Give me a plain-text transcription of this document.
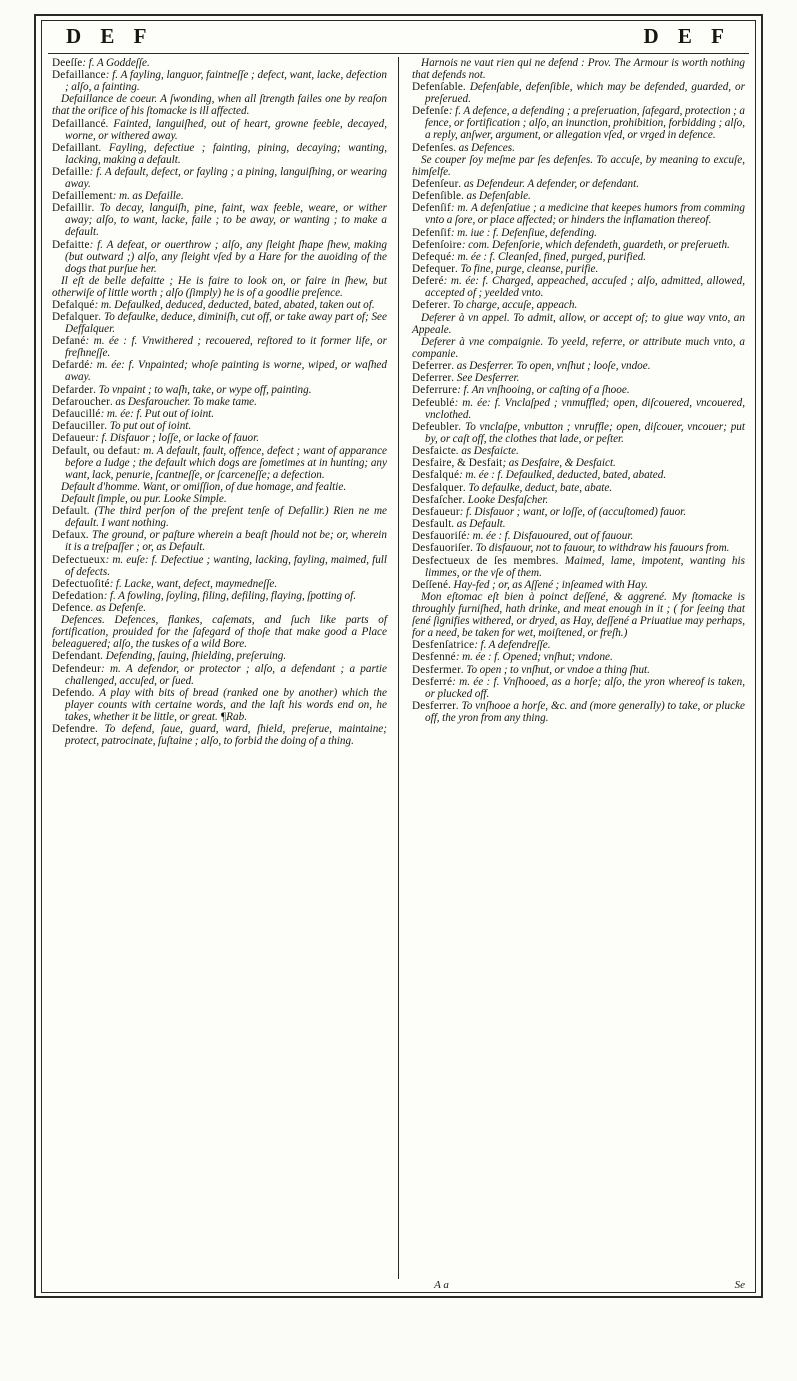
D E F	D E F

Deeſſe: f. A Goddeſſe.

Defaillance: f. A fayling, languor, faintneſſe ; defect, want, lacke, defection ; alſo, a fainting.

Defaillance de coeur. A ſwonding, when all ſtrength failes one by reaſon that the orifice of his ſtomacke is ill affected.

Defaillancé. Fainted, languiſhed, out of heart, growne feeble, decayed, worne, or withered away.

Defaillant. Fayling, defectiue ; fainting, pining, decaying; wanting, lacking, making a default.

Defaille: f. A default, defect, or fayling ; a pining, languiſhing, or wearing away.

Defaillement: m. as Defaille.

Defaillir. To decay, languiſh, pine, faint, wax feeble, weare, or wither away; alſo, to want, lacke, faile ; to be away, or wanting ; to make a default.

Defaitte: f. A defeat, or ouerthrow ; alſo, any ſleight ſhape ſhew, making (but outward ;) alſo, any ſleight vſed by a Hare for the auoiding of the dogs that purſue her.

Il eſt de belle defaitte ; He is faire to look on, or faire in ſhew, but otherwiſe of little worth ; alſo (ſimply) he is of a goodlie preſence.

Defalqué: m. Defaulked, deduced, deducted, bated, abated, taken out of.

Defalquer. To defaulke, deduce, diminiſh, cut off, or take away part of; See Deffalquer.

Defané: m. ée : f. Vnwithered ; recouered, reſtored to it former life, or freſhneſſe.

Defardé: m. ée: f. Vnpainted; whoſe painting is worne, wiped, or waſhed away.

Defarder. To vnpaint ; to waſh, take, or wype off, painting.

Defaroucher. as Desfaroucher. To make tame.

Defaucillé: m. ée: f. Put out of ioint.

Defauciller. To put out of ioint.

Defaueur: f. Disfauor ; loſſe, or lacke of fauor.

Default, ou defaut: m. A default, fault, offence, defect ; want of apparance before a Iudge ; the default which dogs are ſometimes at in hunting; any want, lack, penurie, ſcantneſſe, or ſcarceneſſe; a defection.

Default d'homme. Want, or omiſſion, of due homage, and fealtie.

Default ſimple, ou pur. Looke Simple.

Default. (The third perſon of the preſent tenſe of Defallir.) Rien ne me default. I want nothing.

Defaux. The ground, or paſture wherein a beaſt ſhould not be; or, wherein it is a treſpaſſer ; or, as Default.

Defectueux: m. euſe: f. Defectiue ; wanting, lacking, fayling, maimed, full of defects.

Defectuoſité: f. Lacke, want, defect, maymedneſſe.

Defedation: f. A fowling, ſoyling, filing, defiling, flaying, ſpotting of.

Defence. as Defenſe.

Defences. Defences, flankes, caſemats, and ſuch like parts of fortification, prouided for the ſafegard of thoſe that make good a Place beleaguered; alſo, the tuskes of a wild Bore.

Defendant. Defending, ſauing, ſhielding, preſeruing.

Defendeur: m. A defendor, or protector ; alſo, a defendant ; a partie challenged, accuſed, or ſued.

Defendo. A play with bits of bread (ranked one by another) which the player counts with certaine words, and the laſt his words end on, he takes, whether it be little, or great. ¶Rab.

Defendre. To defend, ſaue, guard, ward, ſhield, preſerue, maintaine; protect, patrocinate, ſuſtaine ; alſo, to forbid the doing of a thing.

Harnois ne vaut rien qui ne defend : Prov. The Armour is worth nothing that defends not.

Defenſable. Defenſable, defenſible, which may be defended, guarded, or preſerued.

Defenſe: f. A defence, a defending ; a preſeruation, ſafegard, protection ; a fence, or fortification ; alſo, an inunction, prohibition, forbidding ; alſo, a reply, anſwer, argument, or allegation vſed, or vrged in defence.

Defenſes. as Defences.

Se couper ſoy meſme par ſes defenſes. To accuſe, by meaning to excuſe, himſelfe.

Defenſeur. as Defendeur. A defender, or defendant.

Defenſible. as Defenſable.

Defenſif: m. A defenſatiue ; a medicine that keepes humors from comming vnto a ſore, or place affected; or hinders the inflamation thereof.

Defenſif: m. iue : f. Defenſiue, defending.

Defenſoire: com. Defenſorie, which defendeth, guardeth, or preſerueth.

Defequé: m. ée : f. Cleanſed, fined, purged, purified.

Defequer. To fine, purge, cleanse, purifie.

Deferé: m. ée: f. Charged, appeached, accuſed ; alſo, admitted, allowed, accepted of ; yeelded vnto.

Deferer. To charge, accuſe, appeach.

Deferer à vn appel. To admit, allow, or accept of; to giue way vnto, an Appeale.

Deferer à vne compaignie. To yeeld, referre, or attribute much vnto, a companie.

Deferrer. as Desferrer. To open, vnſhut ; looſe, vndoe.

Deferrer. See Desferrer.

Deferrure: f. An vnſhooing, or caſting of a ſhooe.

Defeublé: m. ée: f. Vnclaſped ; vnmuffled; open, diſcouered, vncouered, vnclothed.

Defeubler. To vnclaſpe, vnbutton ; vnruffle; open, diſcouer, vncouer; put by, or caſt off, the clothes that lade, or peſter.

Desfaicte. as Desfaicte.

Desfaire, & Desfait; as Desfaire, & Desfaict.

Desfalqué: m. ée : f. Defaulked, deducted, bated, abated.

Desfalquer. To defaulke, deduct, bate, abate.

Desfaſcher. Looke Desfaſcher.

Desfaueur: f. Disfauor ; want, or loſſe, of (accuſtomed) fauor.

Desfault. as Default.

Desfauoriſé: m. ée : f. Disfauoured, out of fauour.

Desfauoriſer. To disfauour, not to fauour, to withdraw his fauours from.

Desfectueux de ſes membres. Maimed, lame, impotent, wanting his limmes, or the vſe of them.

Deſſené. Hay-fed ; or, as Aſſené ; inſeamed with Hay.

Mon eſtomac eſt bien à poinct deſſené, & aggrené. My ſtomacke is throughly furniſhed, hath drinke, and meat enough in it ; ( for ſeeing that ſené ſignifies withered, or dryed, as Hay, deſſené a Priuatiue may perhaps, for a need, be taken for wet, moiſtened, or freſh.)

Desfenſatrice: f. A defendreſſe.

Desfenné: m. ée : f. Opened; vnſhut; vndone.

Desfermer. To open ; to vnſhut, or vndoe a thing ſhut.

Desferré: m. ée : f. Vnſhooed, as a horſe; alſo, the yron whereof is taken, or plucked off.

Desferrer. To vnſhooe a horſe, &c. and (more generally) to take, or plucke off, the yron from any thing.

A a	Se
